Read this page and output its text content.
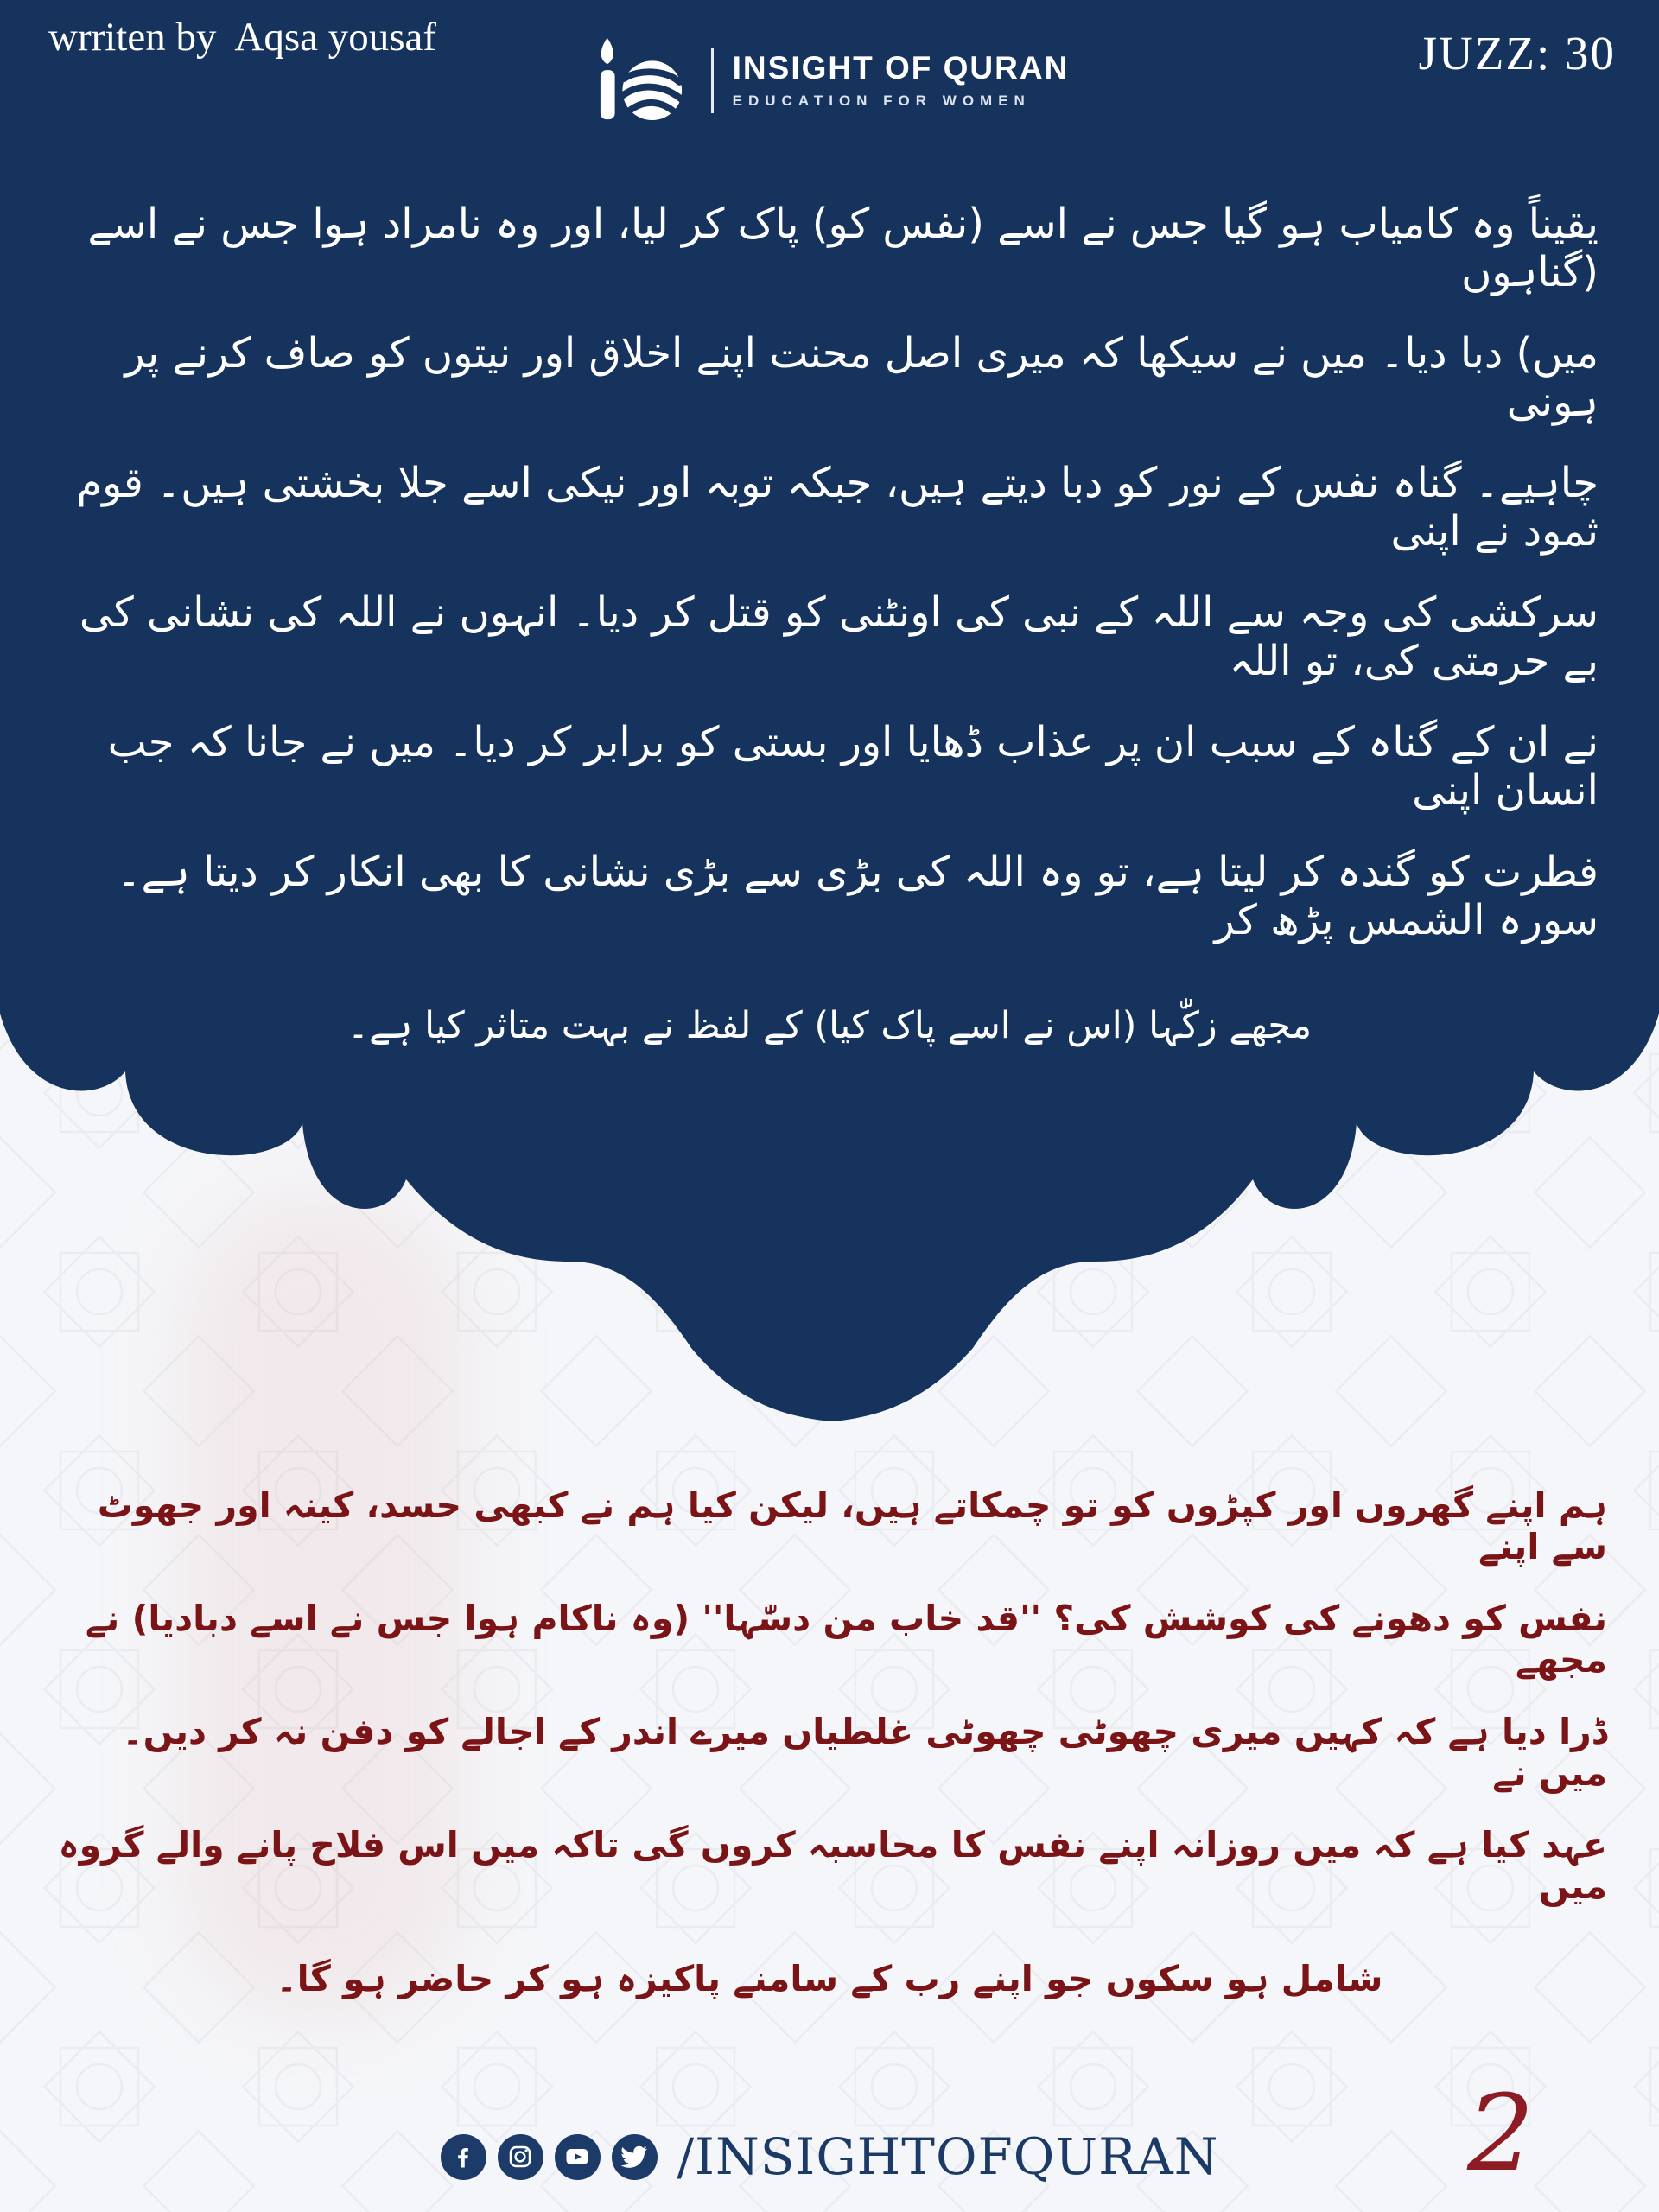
wrriten by  Aqsa yousaf
INSIGHT OF QURAN
EDUCATION FOR WOMEN
JUZZ: 30
یقیناً وہ کامیاب ہو گیا جس نے اسے (نفس کو) پاک کر لیا، اور وہ نامراد ہوا جس نے اسے (گناہوں
میں) دبا دیا۔ میں نے سیکھا کہ میری اصل محنت اپنے اخلاق اور نیتوں کو صاف کرنے پر ہونی
چاہیے۔ گناہ نفس کے نور کو دبا دیتے ہیں، جبکہ توبہ اور نیکی اسے جلا بخشتی ہیں۔ قوم ثمود نے اپنی
سرکشی کی وجہ سے اللہ کے نبی کی اونٹنی کو قتل کر دیا۔ انہوں نے اللہ کی نشانی کی بے حرمتی کی، تو اللہ
نے ان کے گناہ کے سبب ان پر عذاب ڈھایا اور بستی کو برابر کر دیا۔ میں نے جانا کہ جب انسان اپنی
فطرت کو گندہ کر لیتا ہے، تو وہ اللہ کی بڑی سے بڑی نشانی کا بھی انکار کر دیتا ہے۔ سورہ الشمس پڑھ کر
مجھے زکّٰہا (اس نے اسے پاک کیا) کے لفظ نے بہت متاثر کیا ہے۔
ہم اپنے گھروں اور کپڑوں کو تو چمکاتے ہیں، لیکن کیا ہم نے کبھی حسد، کینہ اور جھوٹ سے اپنے
نفس کو دھونے کی کوشش کی؟ ''قد خاب من دسّٰہا'' (وہ ناکام ہوا جس نے اسے دبادیا) نے مجھے
ڈرا دیا ہے کہ کہیں میری چھوٹی چھوٹی غلطیاں میرے اندر کے اجالے کو دفن نہ کر دیں۔ میں نے
عہد کیا ہے کہ میں روزانہ اپنے نفس کا محاسبہ کروں گی تاکہ میں اس فلاح پانے والے گروہ میں
شامل ہو سکوں جو اپنے رب کے سامنے پاکیزہ ہو کر حاضر ہو گا۔
/INSIGHTOFQURAN 2
